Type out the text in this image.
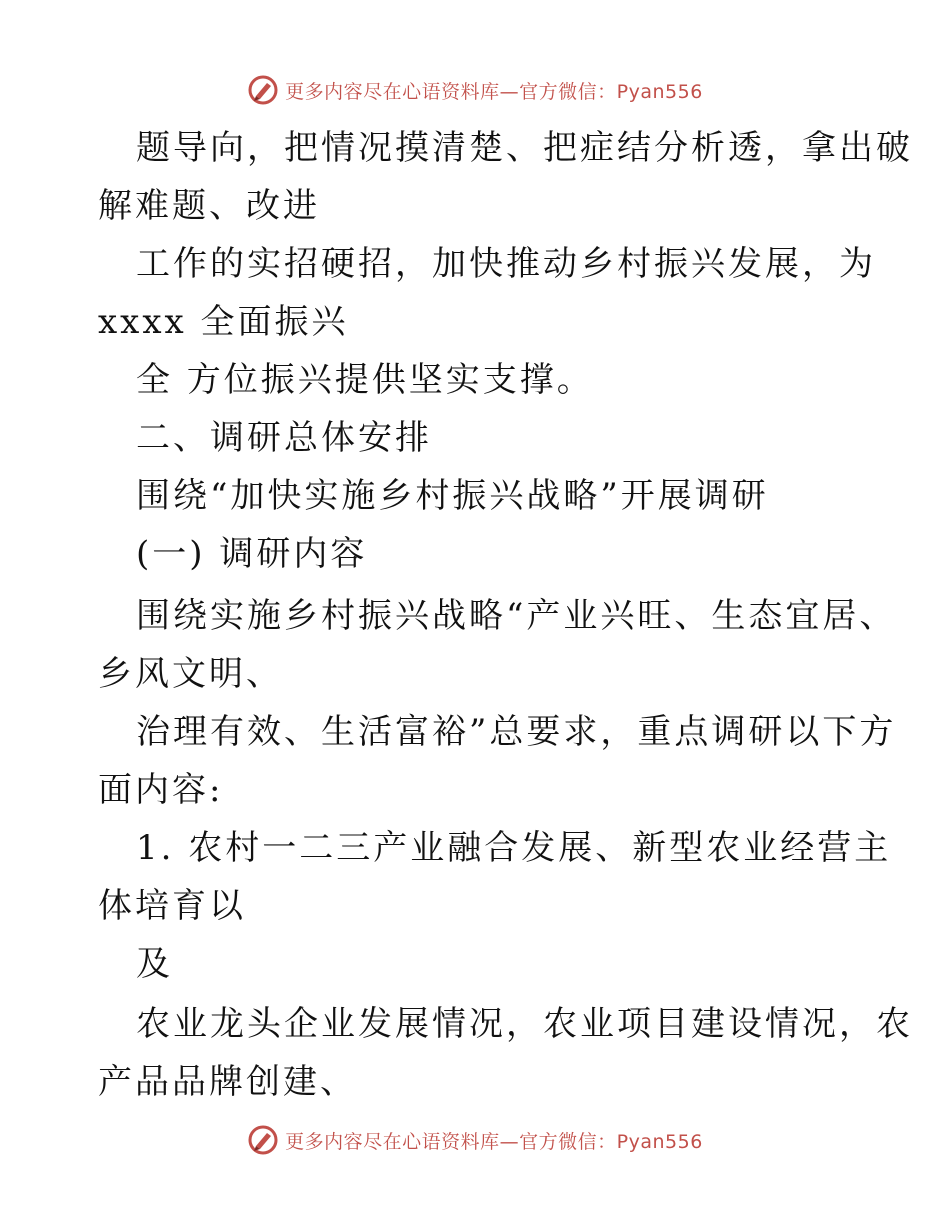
更多内容尽在心语资料库—官方微信：Pyan556
题导向，把情况摸清楚、把症结分析透，拿出破
解难题、改进
工作的实招硬招，加快推动乡村振兴发展，为
xxxx 全面振兴
全 方位振兴提供坚实支撑。
二、调研总体安排
围绕“加快实施乡村振兴战略”开展调研
(一) 调研内容
围绕实施乡村振兴战略“产业兴旺、生态宜居、
乡风文明、
治理有效、生活富裕”总要求，重点调研以下方
面内容:
1. 农村一二三产业融合发展、新型农业经营主
体培育以
及
农业龙头企业发展情况，农业项目建设情况，农
产品品牌创建、
更多内容尽在心语资料库—官方微信：Pyan556
